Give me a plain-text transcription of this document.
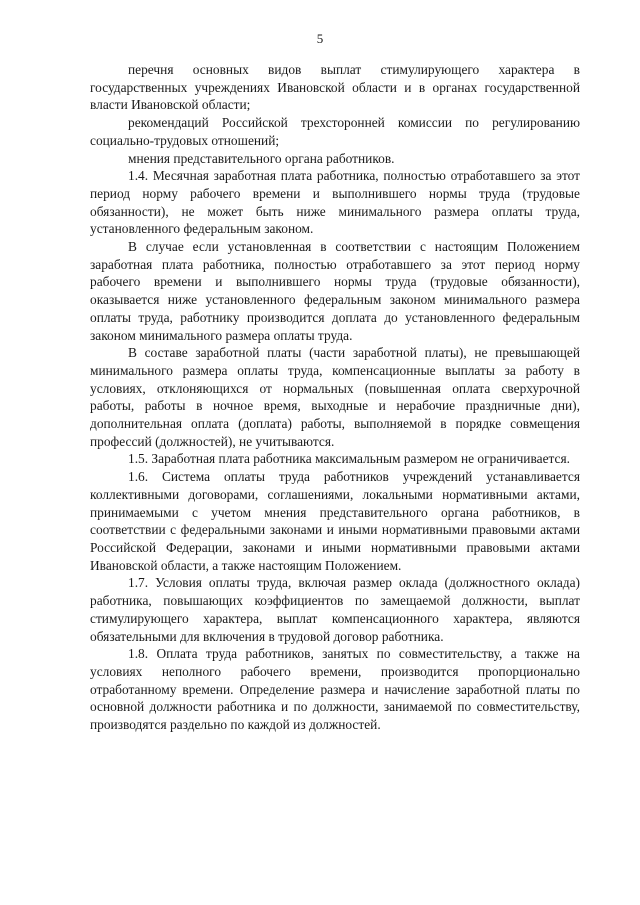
5

перечня основных видов выплат стимулирующего характера в государственных учреждениях Ивановской области и в органах государственной власти Ивановской области;

рекомендаций Российской трехсторонней комиссии по регулированию социально-трудовых отношений;

мнения представительного органа работников.

1.4. Месячная заработная плата работника, полностью отработавшего за этот период норму рабочего времени и выполнившего нормы труда (трудовые обязанности), не может быть ниже минимального размера оплаты труда, установленного федеральным законом.

В случае если установленная в соответствии с настоящим Положением заработная плата работника, полностью отработавшего за этот период норму рабочего времени и выполнившего нормы труда (трудовые обязанности), оказывается ниже установленного федеральным законом минимального размера оплаты труда, работнику производится доплата до установленного федеральным законом минимального размера оплаты труда.

В составе заработной платы (части заработной платы), не превышающей минимального размера оплаты труда, компенсационные выплаты за работу в условиях, отклоняющихся от нормальных (повышенная оплата сверхурочной работы, работы в ночное время, выходные и нерабочие праздничные дни), дополнительная оплата (доплата) работы, выполняемой в порядке совмещения профессий (должностей), не учитываются.

1.5. Заработная плата работника максимальным размером не ограничивается.

1.6. Система оплаты труда работников учреждений устанавливается коллективными договорами, соглашениями, локальными нормативными актами, принимаемыми с учетом мнения представительного органа работников, в соответствии с федеральными законами и иными нормативными правовыми актами Российской Федерации, законами и иными нормативными правовыми актами Ивановской области, а также настоящим Положением.

1.7. Условия оплаты труда, включая размер оклада (должностного оклада) работника, повышающих коэффициентов по замещаемой должности, выплат стимулирующего характера, выплат компенсационного характера, являются обязательными для включения в трудовой договор работника.

1.8. Оплата труда работников, занятых по совместительству, а также на условиях неполного рабочего времени, производится пропорционально отработанному времени. Определение размера и начисление заработной платы по основной должности работника и по должности, занимаемой по совместительству, производятся раздельно по каждой из должностей.
